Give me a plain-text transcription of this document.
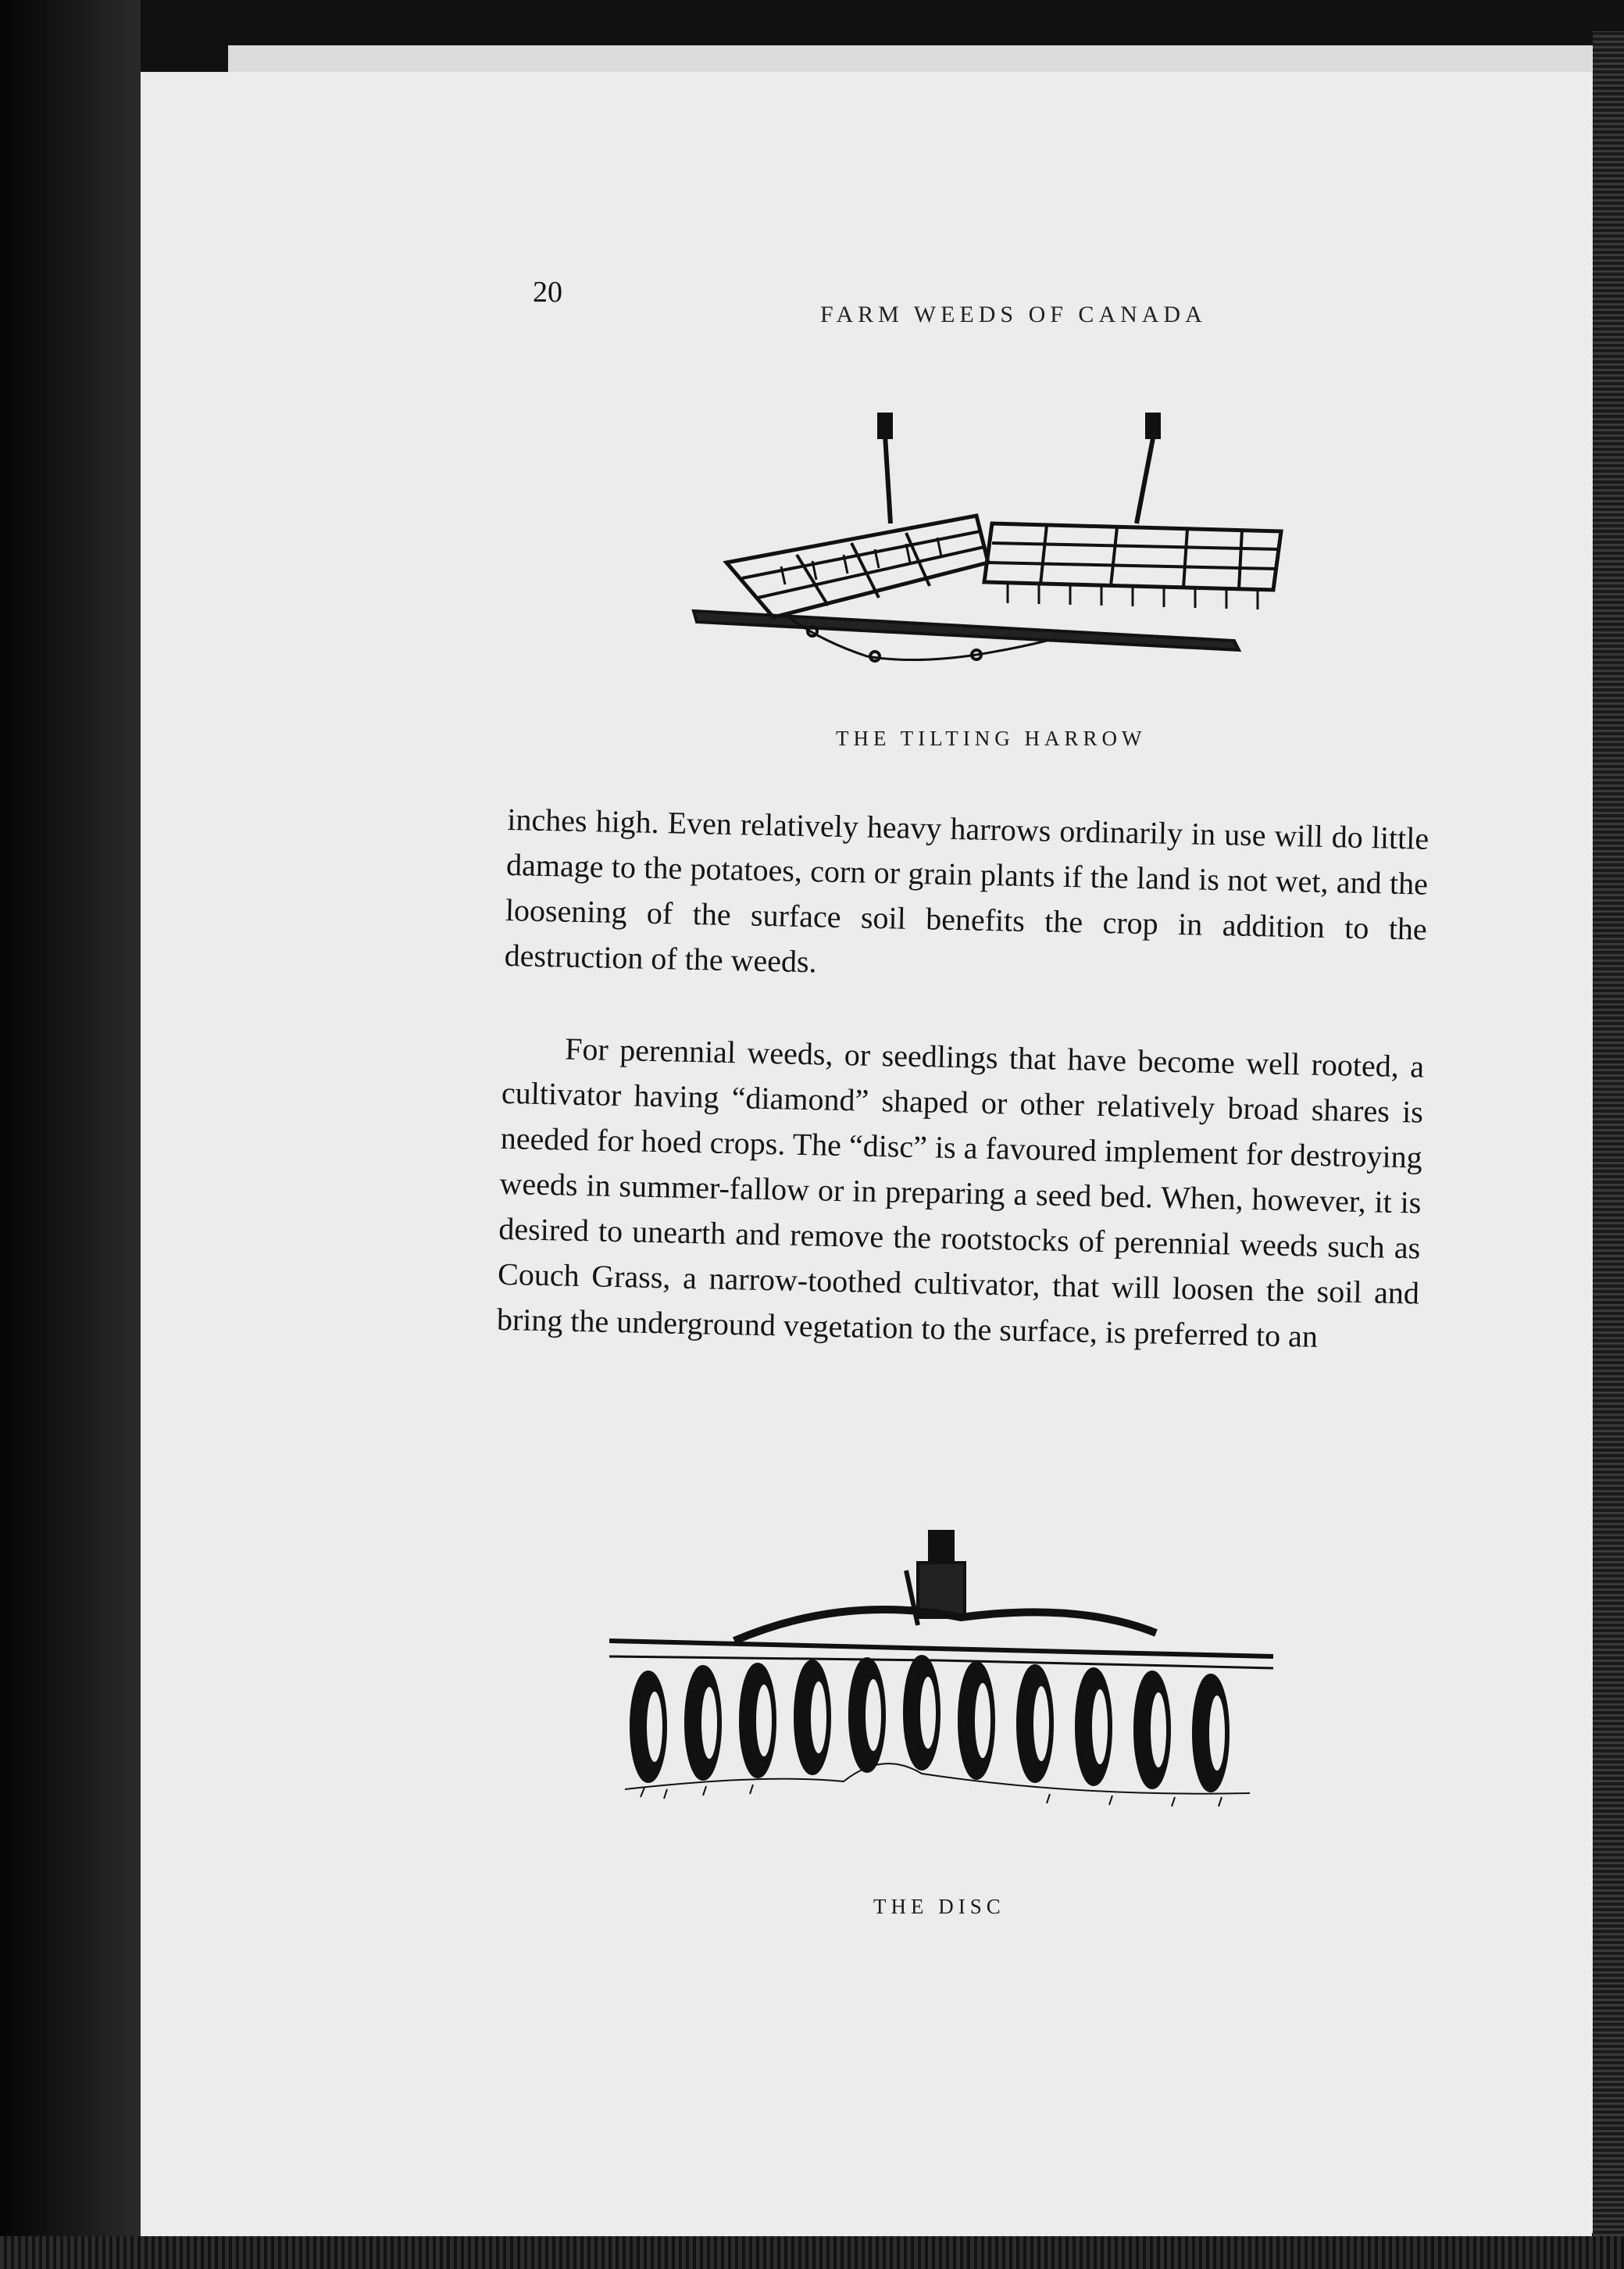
20
FARM WEEDS OF CANADA
THE TILTING HARROW

inches high. Even relatively heavy harrows ordinarily in use will do little damage to the potatoes, corn or grain plants if the land is not wet, and the loosening of the surface soil benefits the crop in addition to the destruction of the weeds.

For perennial weeds, or seedlings that have become well rooted, a cultivator having “diamond” shaped or other relatively broad shares is needed for hoed crops. The “disc” is a favoured implement for destroying weeds in summer-fallow or in preparing a seed bed. When, however, it is desired to unearth and remove the rootstocks of perennial weeds such as Couch Grass, a narrow-toothed cultivator, that will loosen the soil and bring the underground vegetation to the surface, is preferred to an

THE DISC
